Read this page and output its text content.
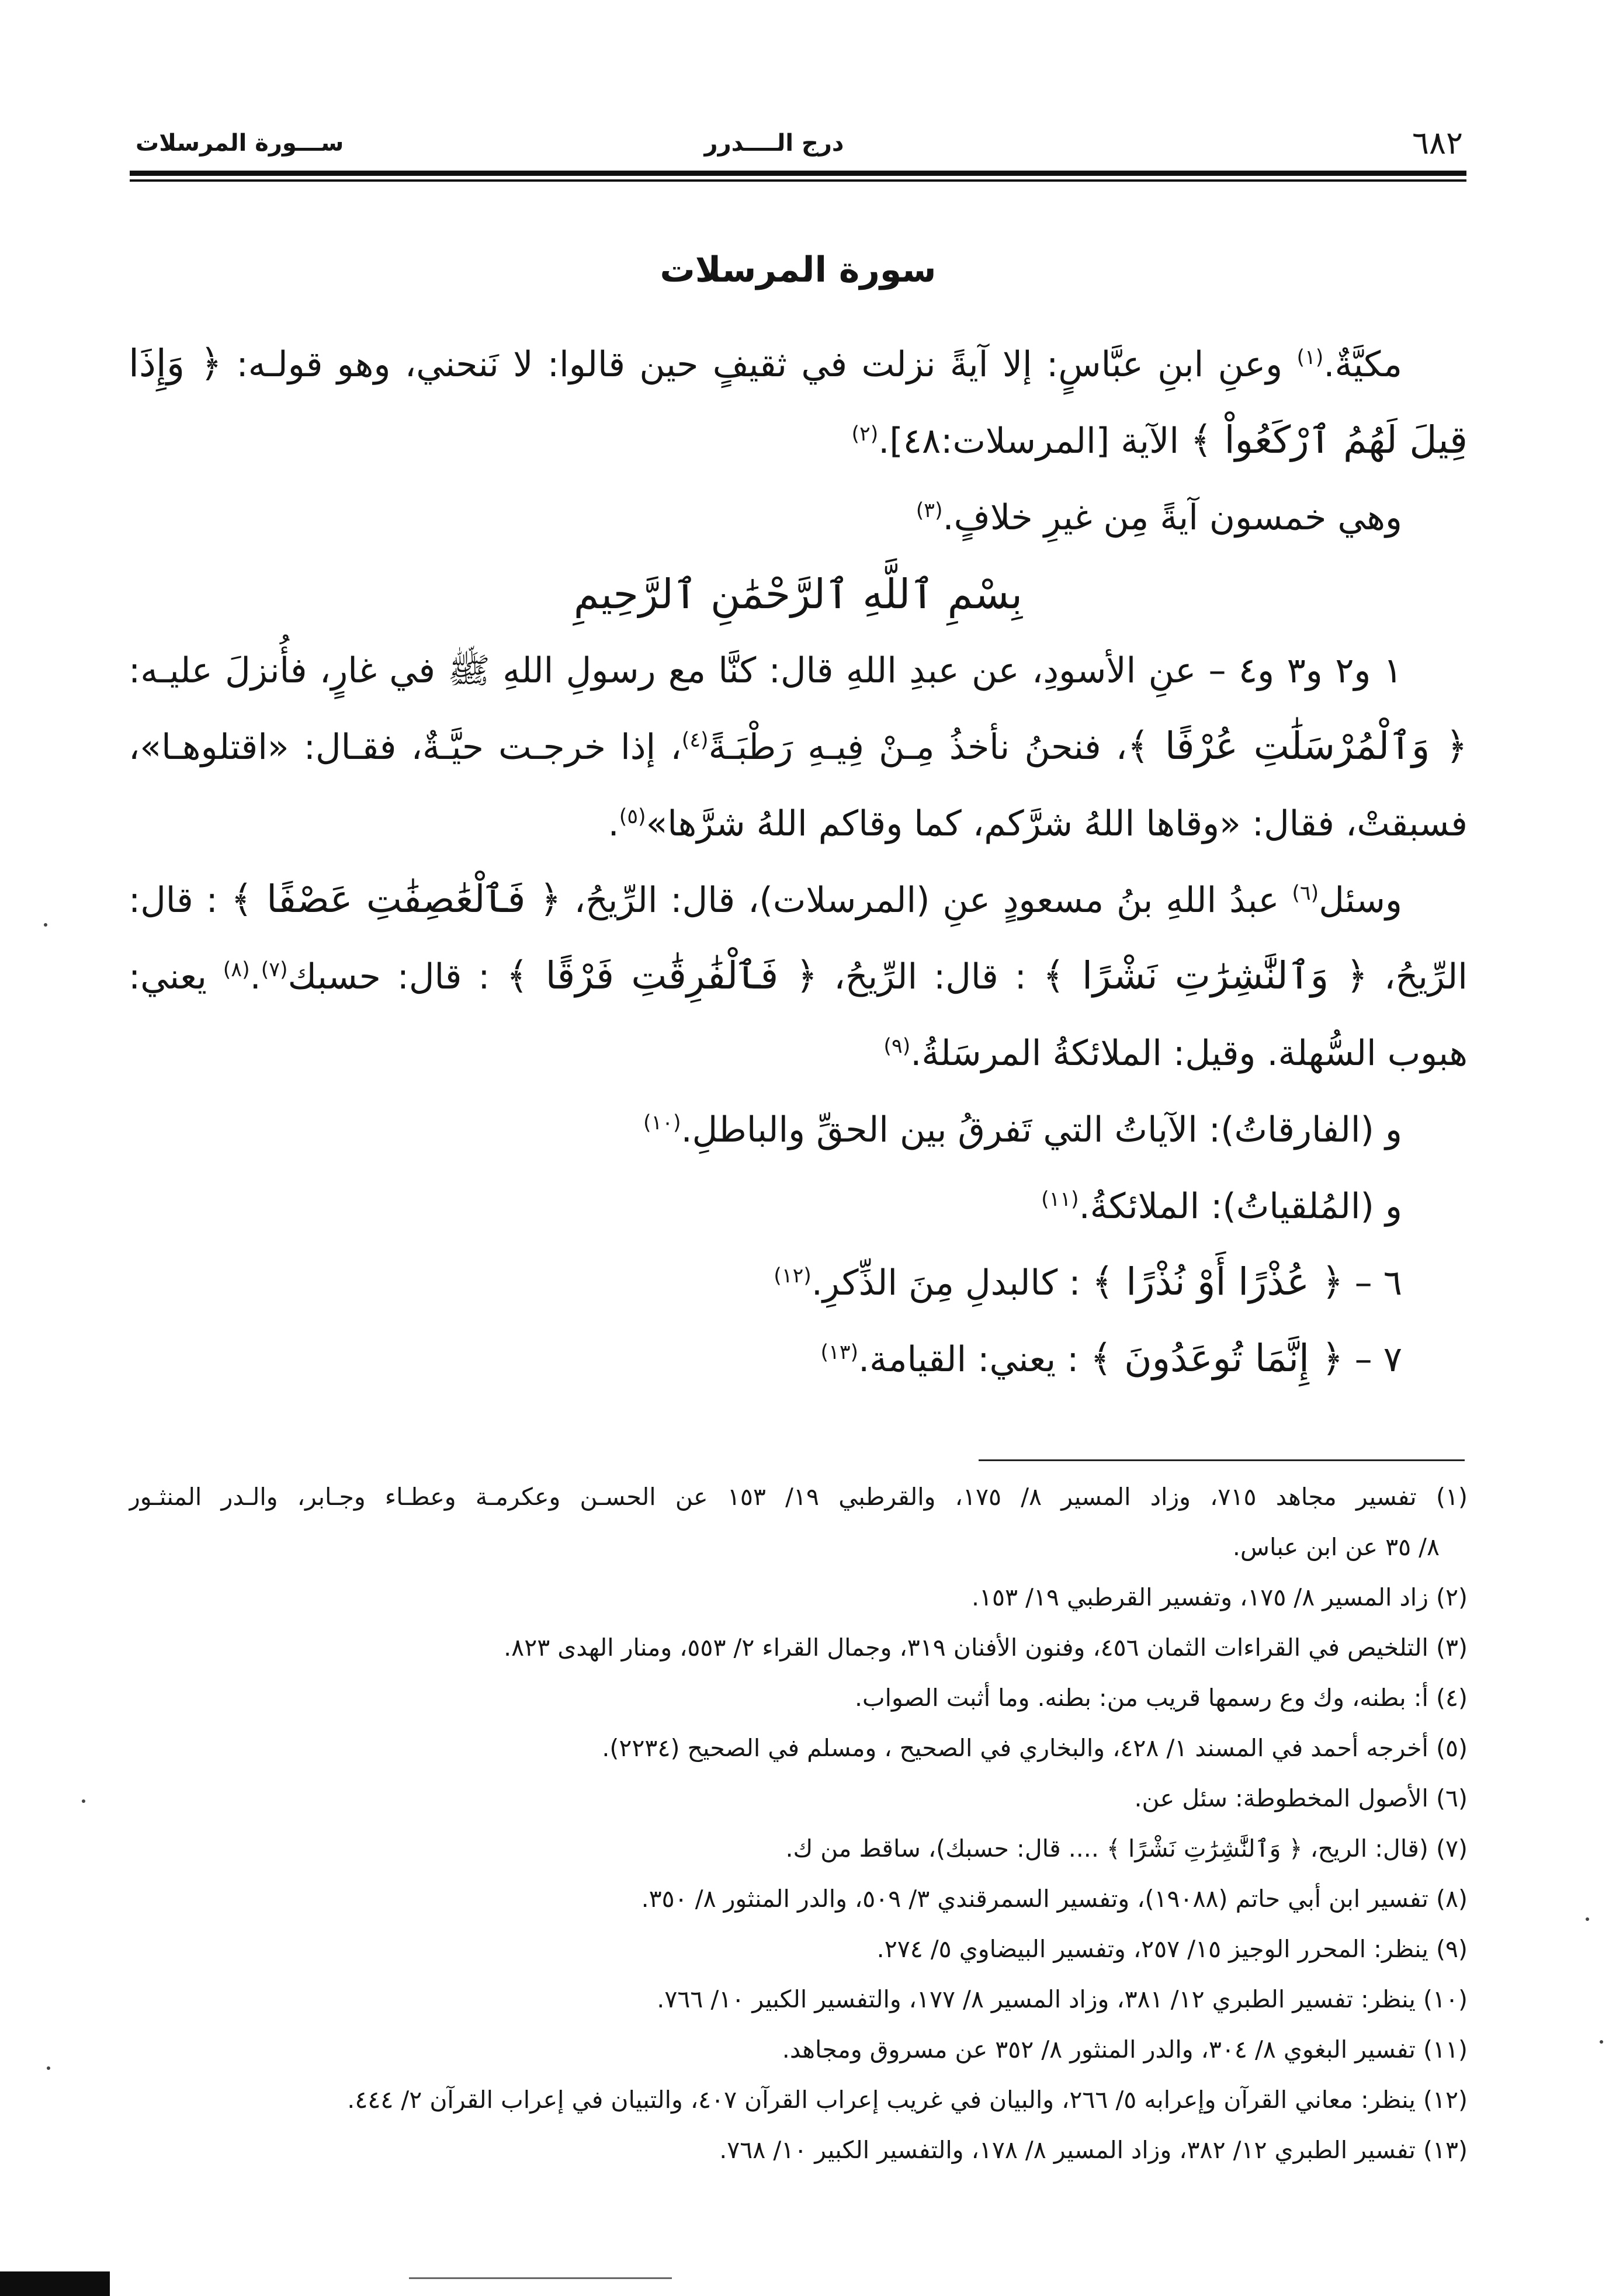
٦٨٢
درج الــــدرر
ســـورة المرسلات
سورة المرسلات
مكيَّةٌ.$^{(١)}$ وعنِ ابنِ عبَّاسٍ: إلا آيةً نزلت في ثقيفٍ حين قالوا: لا نَنحني، وهو قولـه: ﴿ وَإِذَا
قِيلَ لَهُمُ ٱرْكَعُواْ ﴾ الآية [المرسلات:٤٨].$^{(٢)}$
وهي خمسون آيةً مِن غيرِ خلافٍ.$^{(٣)}$
بِسْمِ ٱللَّهِ ٱلرَّحْمَٰنِ ٱلرَّحِيمِ
١ و٢ و٣ و٤ – عنِ الأسودِ، عن عبدِ اللهِ قال: كنَّا مع رسولِ اللهِ ﷺ في غارٍ، فأُنزلَ عليـه:
﴿ وَٱلْمُرْسَلَٰتِ عُرْفًا ﴾، فنحنُ نأخذُ مِـنْ فِيـهِ رَطْبَـةً$^{(٤)}$، إذا خرجـت حيَّـةٌ، فقـال: «اقتلوهـا»،
فسبقتْ، فقال: «وقاها اللهُ شرَّكم، كما وقاكم اللهُ شرَّها»$^{(٥)}$.
وسئل$^{(٦)}$ عبدُ اللهِ بنُ مسعودٍ عنِ (المرسلات)، قال: الرِّيحُ، ﴿ فَٱلْعَٰصِفَٰتِ عَصْفًا ﴾ : قال:
الرِّيحُ، ﴿ وَٱلنَّٰشِرَٰتِ نَشْرًا ﴾ : قال: الرِّيحُ، ﴿ فَٱلْفَٰرِقَٰتِ فَرْقًا ﴾ : قال: حسبك$^{(٧)}$.$^{(٨)}$ يعني:
هبوب السُّهلة. وقيل: الملائكةُ المرسَلةُ.$^{(٩)}$
و (الفارقاتُ): الآياتُ التي تَفرقُ بين الحقِّ والباطلِ.$^{(١٠)}$
و (المُلقياتُ): الملائكةُ.$^{(١١)}$
٦ – ﴿ عُذْرًا أَوْ نُذْرًا ﴾ : كالبدلِ مِنَ الذِّكرِ.$^{(١٢)}$
٧ – ﴿ إِنَّمَا تُوعَدُونَ ﴾ : يعني: القيامة.$^{(١٣)}$
(١) تفسير مجاهد ٧١٥، وزاد المسير ٨/ ١٧٥، والقرطبي ١٩/ ١٥٣ عن الحسـن وعكرمـة وعطـاء وجـابر، والـدر المنثـور
٨/ ٣٥ عن ابن عباس.
(٢) زاد المسير ٨/ ١٧٥، وتفسير القرطبي ١٩/ ١٥٣.
(٣) التلخيص في القراءات الثمان ٤٥٦، وفنون الأفنان ٣١٩، وجمال القراء ٢/ ٥٥٣، ومنار الهدى ٨٢٣.
(٤) أ: بطنه، وك وع رسمها قريب من: بطنه. وما أثبت الصواب.
(٥) أخرجه أحمد في المسند ١/ ٤٢٨، والبخاري في الصحيح ، ومسلم في الصحيح (٢٢٣٤).
(٦) الأصول المخطوطة: سئل عن.
(٧) (قال: الريح، ﴿ وَٱلنَّٰشِرَٰتِ نَشْرًا ﴾ .... قال: حسبك)، ساقط من ك.
(٨) تفسير ابن أبي حاتم (١٩٠٨٨)، وتفسير السمرقندي ٣/ ٥٠٩، والدر المنثور ٨/ ٣٥٠.
(٩) ينظر: المحرر الوجيز ١٥/ ٢٥٧، وتفسير البيضاوي ٥/ ٢٧٤.
(١٠) ينظر: تفسير الطبري ١٢/ ٣٨١، وزاد المسير ٨/ ١٧٧، والتفسير الكبير ١٠/ ٧٦٦.
(١١) تفسير البغوي ٨/ ٣٠٤، والدر المنثور ٨/ ٣٥٢ عن مسروق ومجاهد.
(١٢) ينظر: معاني القرآن وإعرابه ٥/ ٢٦٦، والبيان في غريب إعراب القرآن ٤٠٧، والتبيان في إعراب القرآن ٢/ ٤٤٤.
(١٣) تفسير الطبري ١٢/ ٣٨٢، وزاد المسير ٨/ ١٧٨، والتفسير الكبير ١٠/ ٧٦٨.
